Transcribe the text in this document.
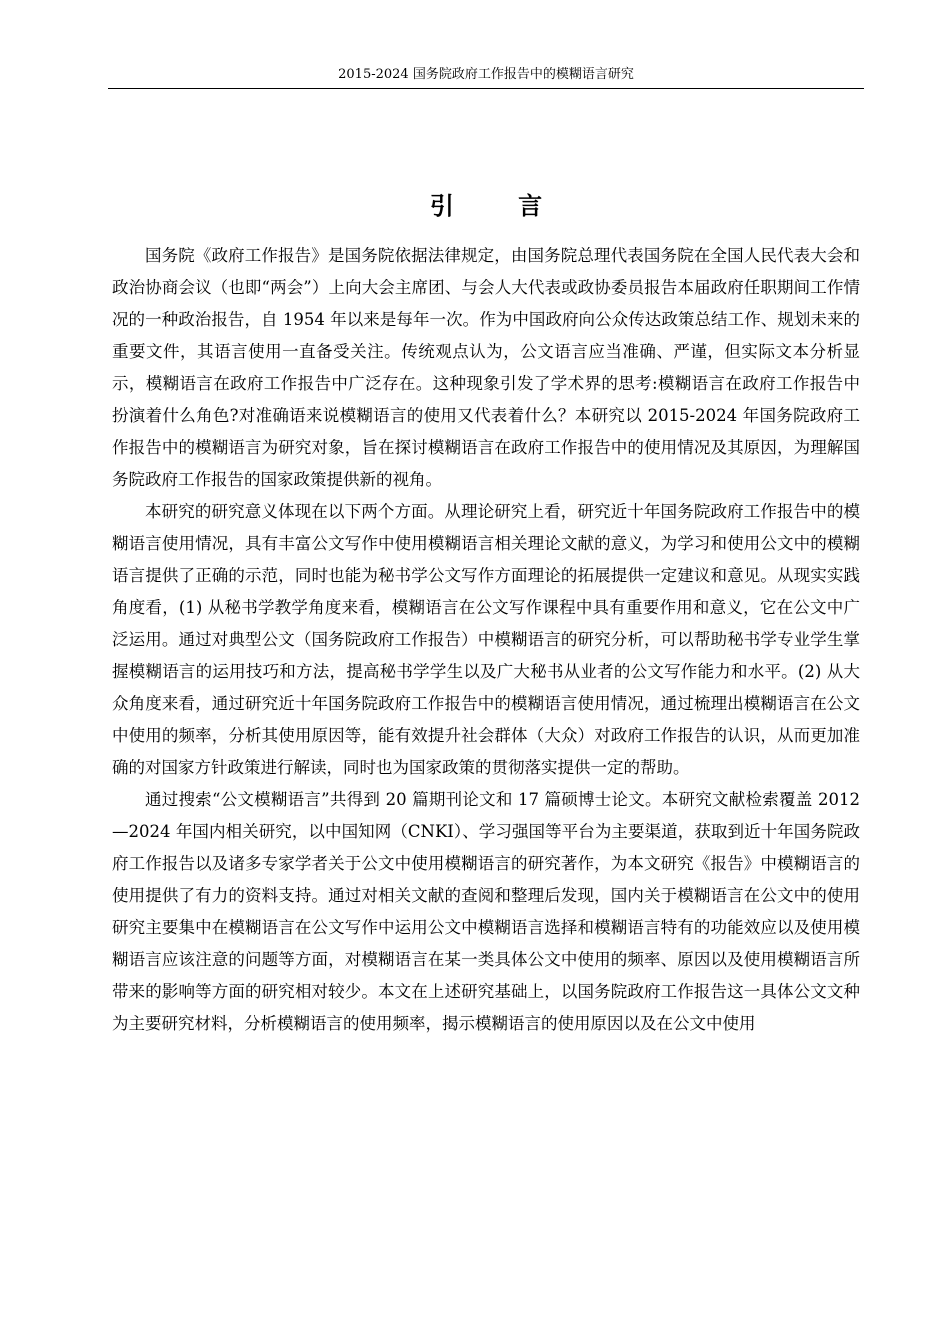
2015-2024 国务院政府工作报告中的模糊语言研究
引 言

国务院《政府工作报告》是国务院依据法律规定，由国务院总理代表国务院在全国人民代表大会和政治协商会议（也即“两会”）上向大会主席团、与会人大代表或政协委员报告本届政府任职期间工作情况的一种政治报告，自 1954 年以来是每年一次。作为中国政府向公众传达政策总结工作、规划未来的重要文件，其语言使用一直备受关注。传统观点认为，公文语言应当准确、严谨，但实际文本分析显示，模糊语言在政府工作报告中广泛存在。这种现象引发了学术界的思考:模糊语言在政府工作报告中扮演着什么角色?对准确语来说模糊语言的使用又代表着什么？本研究以 2015-2024 年国务院政府工作报告中的模糊语言为研究对象，旨在探讨模糊语言在政府工作报告中的使用情况及其原因，为理解国务院政府工作报告的国家政策提供新的视角。

本研究的研究意义体现在以下两个方面。从理论研究上看，研究近十年国务院政府工作报告中的模糊语言使用情况，具有丰富公文写作中使用模糊语言相关理论文献的意义，为学习和使用公文中的模糊语言提供了正确的示范，同时也能为秘书学公文写作方面理论的拓展提供一定建议和意见。从现实实践角度看，(1) 从秘书学教学角度来看，模糊语言在公文写作课程中具有重要作用和意义，它在公文中广泛运用。通过对典型公文（国务院政府工作报告）中模糊语言的研究分析，可以帮助秘书学专业学生掌握模糊语言的运用技巧和方法，提高秘书学学生以及广大秘书从业者的公文写作能力和水平。(2) 从大众角度来看，通过研究近十年国务院政府工作报告中的模糊语言使用情况，通过梳理出模糊语言在公文中使用的频率，分析其使用原因等，能有效提升社会群体（大众）对政府工作报告的认识，从而更加准确的对国家方针政策进行解读，同时也为国家政策的贯彻落实提供一定的帮助。

通过搜索“公文模糊语言”共得到 20 篇期刊论文和 17 篇硕博士论文。本研究文献检索覆盖 2012—2024 年国内相关研究，以中国知网（CNKI）、学习强国等平台为主要渠道，获取到近十年国务院政府工作报告以及诸多专家学者关于公文中使用模糊语言的研究著作，为本文研究《报告》中模糊语言的使用提供了有力的资料支持。通过对相关文献的查阅和整理后发现，国内关于模糊语言在公文中的使用研究主要集中在模糊语言在公文写作中运用公文中模糊语言选择和模糊语言特有的功能效应以及使用模糊语言应该注意的问题等方面，对模糊语言在某一类具体公文中使用的频率、原因以及使用模糊语言所带来的影响等方面的研究相对较少。本文在上述研究基础上，以国务院政府工作报告这一具体公文文种为主要研究材料，分析模糊语言的使用频率，揭示模糊语言的使用原因以及在公文中使用
